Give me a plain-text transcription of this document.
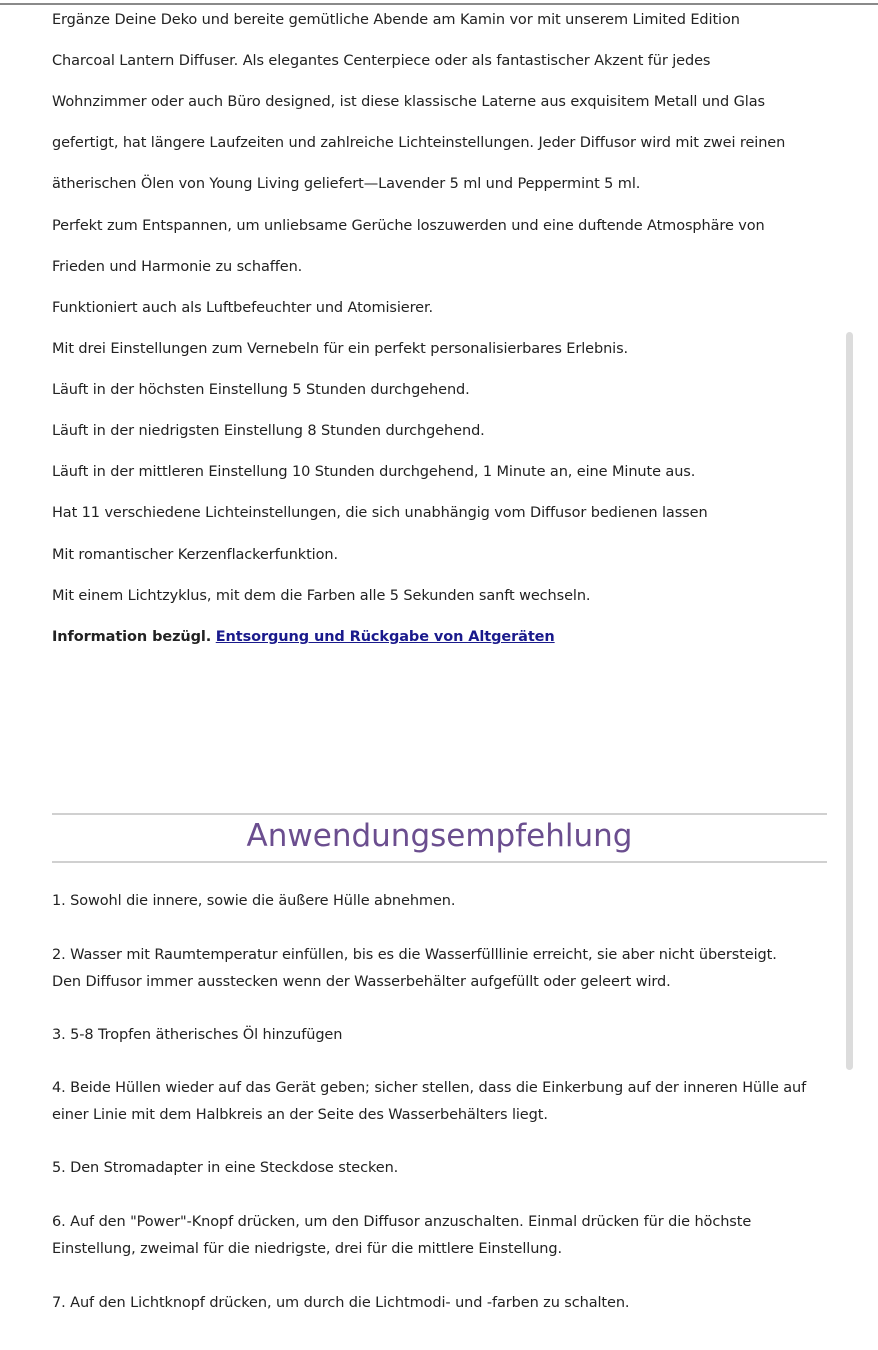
Ergänze Deine Deko und bereite gemütliche Abende am Kamin vor mit unserem Limited Edition

Charcoal Lantern Diffuser. Als elegantes Centerpiece oder als fantastischer Akzent für jedes

Wohnzimmer oder auch Büro designed, ist diese klassische Laterne aus exquisitem Metall und Glas

gefertigt, hat längere Laufzeiten und zahlreiche Lichteinstellungen. Jeder Diffusor wird mit zwei reinen

ätherischen Ölen von Young Living geliefert—Lavender 5 ml und Peppermint 5 ml.

Perfekt zum Entspannen, um unliebsame Gerüche loszuwerden und eine duftende Atmosphäre von

Frieden und Harmonie zu schaffen.

Funktioniert auch als Luftbefeuchter und Atomisierer.

Mit drei Einstellungen zum Vernebeln für ein perfekt personalisierbares Erlebnis.

Läuft in der höchsten Einstellung 5 Stunden durchgehend.

Läuft in der niedrigsten Einstellung 8 Stunden durchgehend.

Läuft in der mittleren Einstellung 10 Stunden durchgehend, 1 Minute an, eine Minute aus.

Hat 11 verschiedene Lichteinstellungen, die sich unabhängig vom Diffusor bedienen lassen

Mit romantischer Kerzenflackerfunktion.

Mit einem Lichtzyklus, mit dem die Farben alle 5 Sekunden sanft wechseln.

Information bezügl. Entsorgung und Rückgabe von Altgeräten

Anwendungsempfehlung

1. Sowohl die innere, sowie die äußere Hülle abnehmen.

2. Wasser mit Raumtemperatur einfüllen, bis es die Wasserfülllinie erreicht, sie aber nicht übersteigt.

Den Diffusor immer ausstecken wenn der Wasserbehälter aufgefüllt oder geleert wird.

3. 5-8 Tropfen ätherisches Öl hinzufügen

4. Beide Hüllen wieder auf das Gerät geben; sicher stellen, dass die Einkerbung auf der inneren Hülle auf

einer Linie mit dem Halbkreis an der Seite des Wasserbehälters liegt.

5. Den Stromadapter in eine Steckdose stecken.

6. Auf den "Power"-Knopf drücken, um den Diffusor anzuschalten. Einmal drücken für die höchste

Einstellung, zweimal für die niedrigste, drei für die mittlere Einstellung.

7. Auf den Lichtknopf drücken, um durch die Lichtmodi- und -farben zu schalten.
